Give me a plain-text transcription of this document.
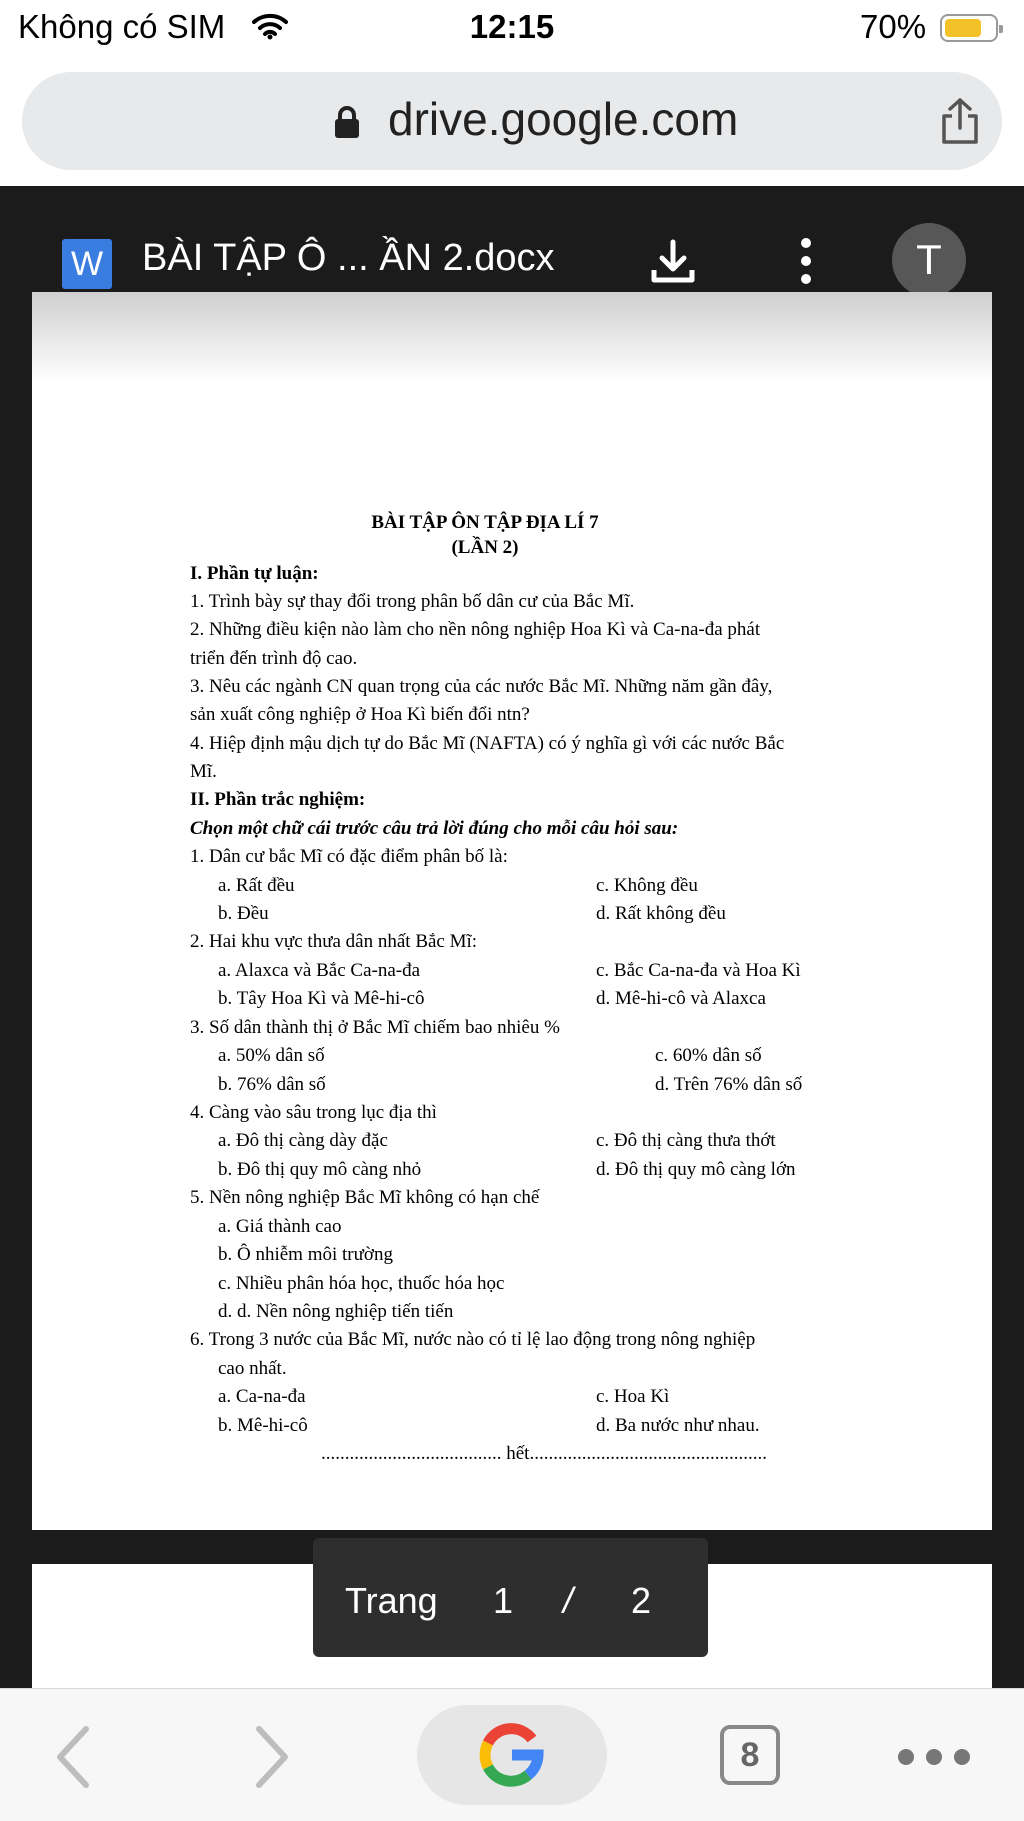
Không có SIM	12:15	70%
drive.google.com
W BÀI TẬP Ô ... ẦN 2.docx	T
BÀI TẬP ÔN TẬP ĐỊA LÍ 7
(LẦN 2)
I. Phần tự luận:
1. Trình bày sự thay đổi trong phân bố dân cư của Bắc Mĩ.
2. Những điều kiện nào làm cho nền nông nghiệp Hoa Kì và Ca-na-đa phát
triển đến trình độ cao.
3. Nêu các ngành CN quan trọng của các nước Bắc Mĩ. Những năm gần đây,
sản xuất công nghiệp ở Hoa Kì biến đổi ntn?
4. Hiệp định mậu dịch tự do Bắc Mĩ (NAFTA) có ý nghĩa gì với các nước Bắc
Mĩ.
II. Phần trắc nghiệm:
Chọn một chữ cái trước câu trả lời đúng cho mỗi câu hỏi sau:
1. Dân cư bắc Mĩ có đặc điểm phân bố là:
a. Rất đều	c. Không đều
b. Đều	d. Rất không đều
2. Hai khu vực thưa dân nhất Bắc Mĩ:
a. Alaxca và Bắc Ca-na-đa	c. Bắc Ca-na-đa và Hoa Kì
b. Tây Hoa Kì và Mê-hi-cô	d. Mê-hi-cô và Alaxca
3. Số dân thành thị ở Bắc Mĩ chiếm bao nhiêu %
a. 50% dân số	c. 60% dân số
b. 76% dân số	d. Trên 76% dân số
4. Càng vào sâu trong lục địa thì
a. Đô thị càng dày đặc	c. Đô thị càng thưa thớt
b. Đô thị quy mô càng nhỏ	d. Đô thị quy mô càng lớn
5. Nền nông nghiệp Bắc Mĩ không có hạn chế
a. Giá thành cao
b. Ô nhiễm môi trường
c. Nhiều phân hóa học, thuốc hóa học
d. d. Nền nông nghiệp tiến tiến
6. Trong 3 nước của Bắc Mĩ, nước nào có tỉ lệ lao động trong nông nghiệp
cao nhất.
a. Ca-na-đa	c. Hoa Kì
b. Mê-hi-cô	d. Ba nước như nhau.
...................................... hết..................................................
Trang 1 / 2
8
